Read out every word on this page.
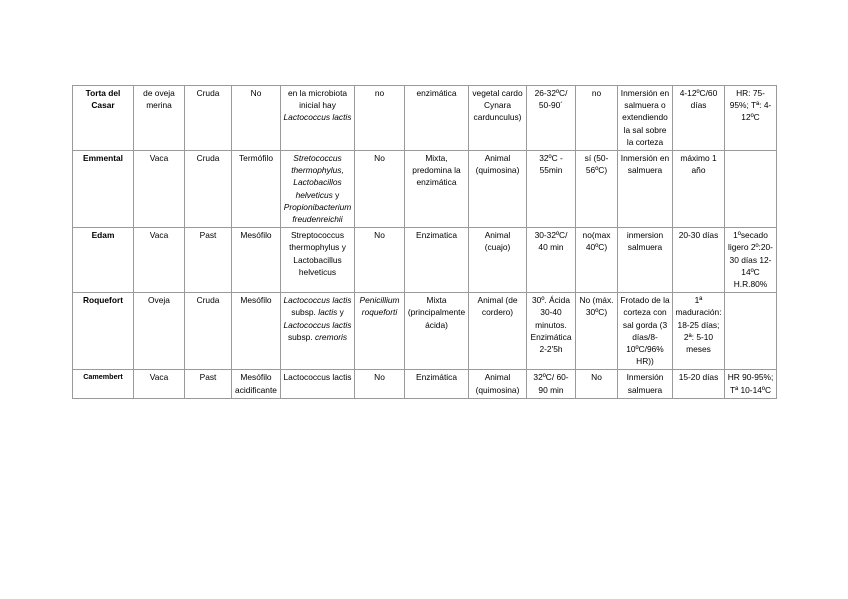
Torta del Casar	de oveja merina	Cruda	No	en la microbiota inicial hay Lactococcus lactis	no	enzimática	vegetal cardo Cynara cardunculus)	26-32ºC/ 50-90´	no	Inmersión en salmuera o extendiendo la sal sobre la corteza	4-12ºC/60 días	HR: 75-95%; Tª: 4-12ºC
Emmental	Vaca	Cruda	Termófilo	Stretococcus thermophylus, Lactobacillos helveticus y Propionibacterium freudenreichii	No	Mixta, predomina la enzimática	Animal (quimosina)	32ºC - 55min	sí (50-56ºC)	Inmersión en salmuera	máximo 1 año	
Edam	Vaca	Past	Mesófilo	Streptococcus thermophylus y Lactobacillus helveticus	No	Enzimatica	Animal (cuajo)	30-32ºC/ 40 min	no(max 40ºC)	inmersion salmuera	20-30 días	1ºsecado ligero 2º:20-30 días 12-14ºC H.R.80%
Roquefort	Oveja	Cruda	Mesófilo	Lactococcus lactis subsp. lactis y Lactococcus lactis subsp. cremoris	Penicillium roqueforti	Mixta (principalmente ácida)	Animal (de cordero)	30º. Ácida 30-40 minutos. Enzimática 2-2'5h	No (máx. 30ºC)	Frotado de la corteza con sal gorda (3 días/8-10ºC/96% HR))	1ª maduración: 18-25 días; 2ª: 5-10 meses	
Camembert	Vaca	Past	Mesófilo acidificante	Lactococcus lactis	No	Enzimática	Animal (quimosina)	32ºC/ 60-90 min	No	Inmersión salmuera	15-20 días	HR 90-95%; Tª 10-14ºC
